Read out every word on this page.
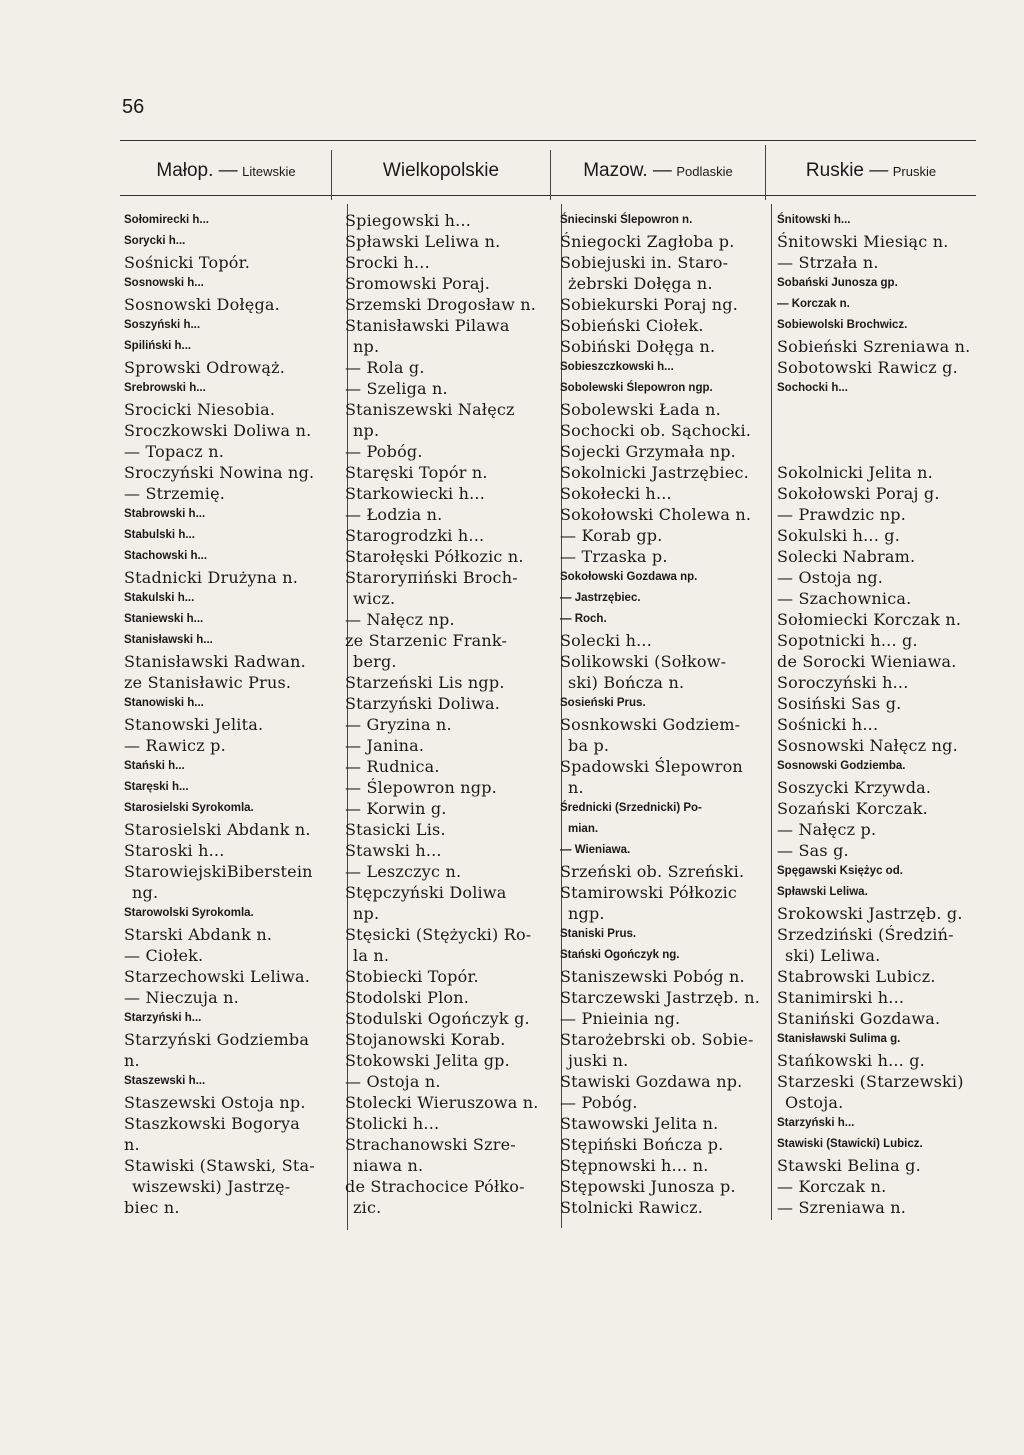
56
Małop. — Litewskie	Wielkopolskie	Mazow. — Podlaskie	Ruskie — Pruskie
Sołomirecki h...
Sorycki h...
Sośnicki Topór.
Sosnowski h...
Sosnowski Dołęga.
Soszyński h...
Spiliński h...
Sprowski Odrowąż.
Srebrowski h...
Srocicki Niesobia.
Sroczkowski Doliwa n.
— Topacz n.
Sroczyński Nowina ng.
— Strzemię.
Stabrowski h...
Stabulski h...
Stachowski h...
Stadnicki Drużyna n.
Stakulski h...
Staniewski h...
Stanisławski h...
Stanisławski Radwan.
ze Stanisławic Prus.
Stanowiski h...
Stanowski Jelita.
— Rawicz p.
Stański h...
Staręski h...
Starosielski Syrokomla.
Starosielski Abdank n.
Staroski h...
StarowiejskiBiberstein
ng.
Starowolski Syrokomla.
Starski Abdank n.
— Ciołek.
Starzechowski Leliwa.
— Nieczuja n.
Starzyński h...
Starzyński Godziemba
n.
Staszewski h...
Staszewski Ostoja np.
Staszkowski Bogorya
n.
Stawiski (Stawski, Sta-
wiszewski) Jastrzę-
biec n.
Spiegowski h...
Spławski Leliwa n.
Srocki h...
Sromowski Poraj.
Srzemski Drogosław n.
Stanisławski Pilawa
np.
— Rola g.
— Szeliga n.
Staniszewski Nałęcz
np.
— Pobóg.
Staręski Topór n.
Starkowiecki h...
— Łodzia n.
Starogrodzki h...
Starołęski Półkozic n.
Staroryпiński Broch-
wicz.
— Nałęcz np.
ze Starzenic Frank-
berg.
Starzeński Lis ngp.
Starzyński Doliwa.
— Gryzina n.
— Janina.
— Rudnica.
— Ślepowron ngp.
— Korwin g.
Stasicki Lis.
Stawski h...
— Leszczyc n.
Stępczyński Doliwa
np.
Stęsicki (Stężycki) Ro-
la n.
Stobiecki Topór.
Stodolski Plon.
Stodulski Ogończyk g.
Stojanowski Korab.
Stokowski Jelita gp.
— Ostoja n.
Stolecki Wieruszowa n.
Stolicki h...
Strachanowski Szre-
niawa n.
de Strachocice Półko-
zic.
Śniecinski Ślepowron n.
Śniegocki Zagłoba p.
Sobiejuski in. Staro-
żebrski Dołęga n.
Sobiekurski Poraj ng.
Sobieński Ciołek.
Sobiński Dołęga n.
Sobieszczkowski h...
Sobolewski Ślepowron ngp.
Sobolewski Łada n.
Sochocki ob. Sąchocki.
Sojecki Grzymała np.
Sokolnicki Jastrzębiec.
Sokołecki h...
Sokołowski Cholewa n.
— Korab gp.
— Trzaska p.
Sokołowski Gozdawa np.
— Jastrzębiec.
— Roch.
Solecki h...
Solikowski (Sołkow-
ski) Bończa n.
Sosieński Prus.
Sosnkowski Godziem-
ba p.
Spadowski Ślepowron
n.
Średnicki (Srzednicki) Po-
mian.
— Wieniawa.
Srzeński ob. Szreński.
Stamirowski Półkozic
ngp.
Staniski Prus.
Stański Ogończyk ng.
Staniszewski Pobóg n.
Starczewski Jastrzęb. n.
— Pnieinia ng.
Starożebrski ob. Sobie-
juski n.
Stawiski Gozdawa np.
— Pobóg.
Stawowski Jelita n.
Stępiński Bończa p.
Stępnowski h... n.
Stępowski Junosza p.
Stolnicki Rawicz.
Śnitowski h...
Śnitowski Miesiąc n.
— Strzała n.
Sobański Junosza gp.
— Korczak n.
Sobiewolski Brochwicz.
Sobieński Szreniawa n.
Sobotowski Rawicz g.
Sochocki h...

Sokolnicki Jelita n.
Sokołowski Poraj g.
— Prawdzic np.
Sokulski h... g.
Solecki Nabram.
— Ostoja ng.
— Szachownica.
Sołomiecki Korczak n.
Sopotnicki h... g.
de Sorocki Wieniawa.
Soroczyński h...
Sosiński Sas g.
Sośnicki h...
Sosnowski Nałęcz ng.
Sosnowski Godziemba.
Soszycki Krzywda.
Sozański Korczak.
— Nałęcz p.
— Sas g.
Spęgawski Księżyc od.
Spławski Leliwa.
Srokowski Jastrzęb. g.
Srzedziński (Średziń-
ski) Leliwa.
Stabrowski Lubicz.
Stanimirski h...
Staniński Gozdawa.
Stanisławski Sulima g.
Stańkowski h... g.
Starzeski (Starzewski)
Ostoja.
Starzyński h...
Stawiski (Stawicki) Lubicz.
Stawski Belina g.
— Korczak n.
— Szreniawa n.
